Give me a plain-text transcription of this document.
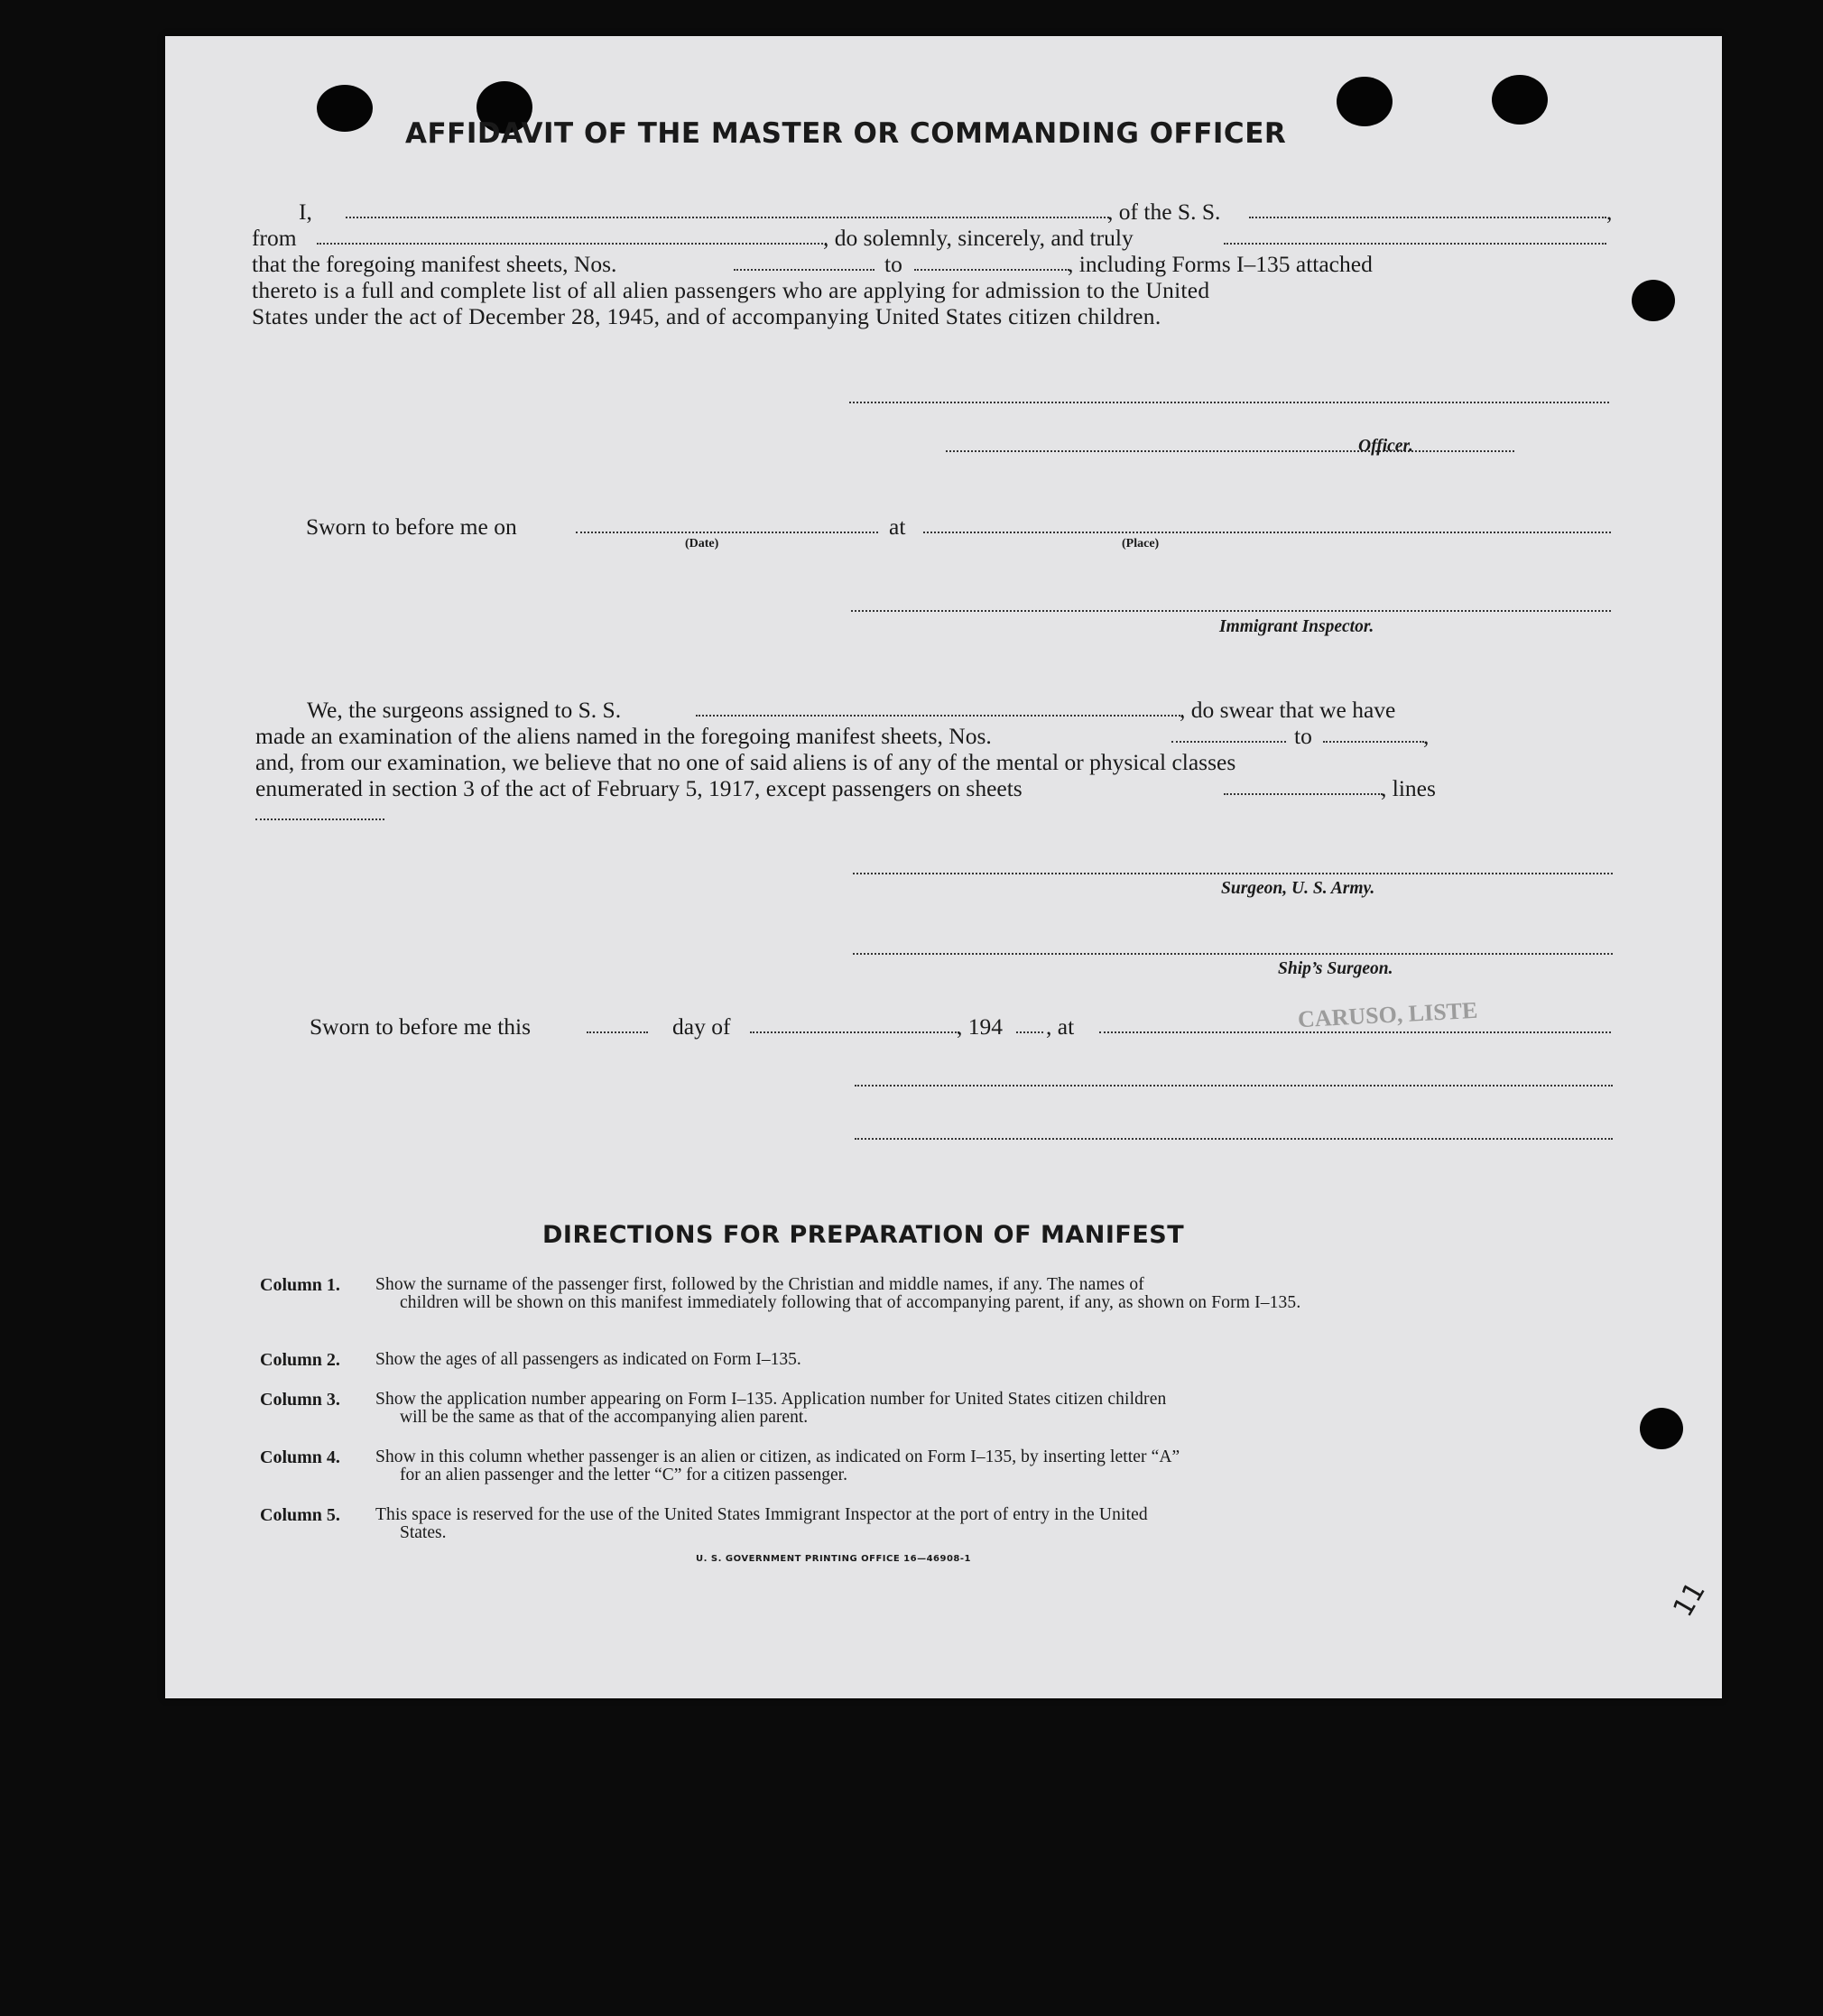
AFFIDAVIT OF THE MASTER OR COMMANDING OFFICER
I,	, of the S. S.	,
from	, do solemnly, sincerely, and truly
that the foregoing manifest sheets, Nos.	to	, including Forms I–135 attached
thereto is a full and complete list of all alien passengers who are applying for admission to the United
States under the act of December 28, 1945, and of accompanying United States citizen children.
Officer.
Sworn to before me on	at
(Date)	(Place)
Immigrant Inspector.
We, the surgeons assigned to S. S.	, do swear that we have
made an examination of the aliens named in the foregoing manifest sheets, Nos.	to	,
and, from our examination, we believe that no one of said aliens is of any of the mental or physical classes
enumerated in section 3 of the act of February 5, 1917, except passengers on sheets	, lines
Surgeon, U. S. Army.
Ship’s Surgeon.
Sworn to before me this	day of	, 194 , at	CARUSO, LISTE
DIRECTIONS FOR PREPARATION OF MANIFEST
Column 1. Show the surname of the passenger first, followed by the Christian and middle names, if any. The names of
children will be shown on this manifest immediately following that of accompanying parent, if any, as shown on Form I–135.
Column 2. Show the ages of all passengers as indicated on Form I–135.
Column 3. Show the application number appearing on Form I–135. Application number for United States citizen children
will be the same as that of the accompanying alien parent.
Column 4. Show in this column whether passenger is an alien or citizen, as indicated on Form I–135, by inserting letter “A”
for an alien passenger and the letter “C” for a citizen passenger.
Column 5. This space is reserved for the use of the United States Immigrant Inspector at the port of entry in the United
States.
U. S. GOVERNMENT PRINTING OFFICE 16—46908-1
11
